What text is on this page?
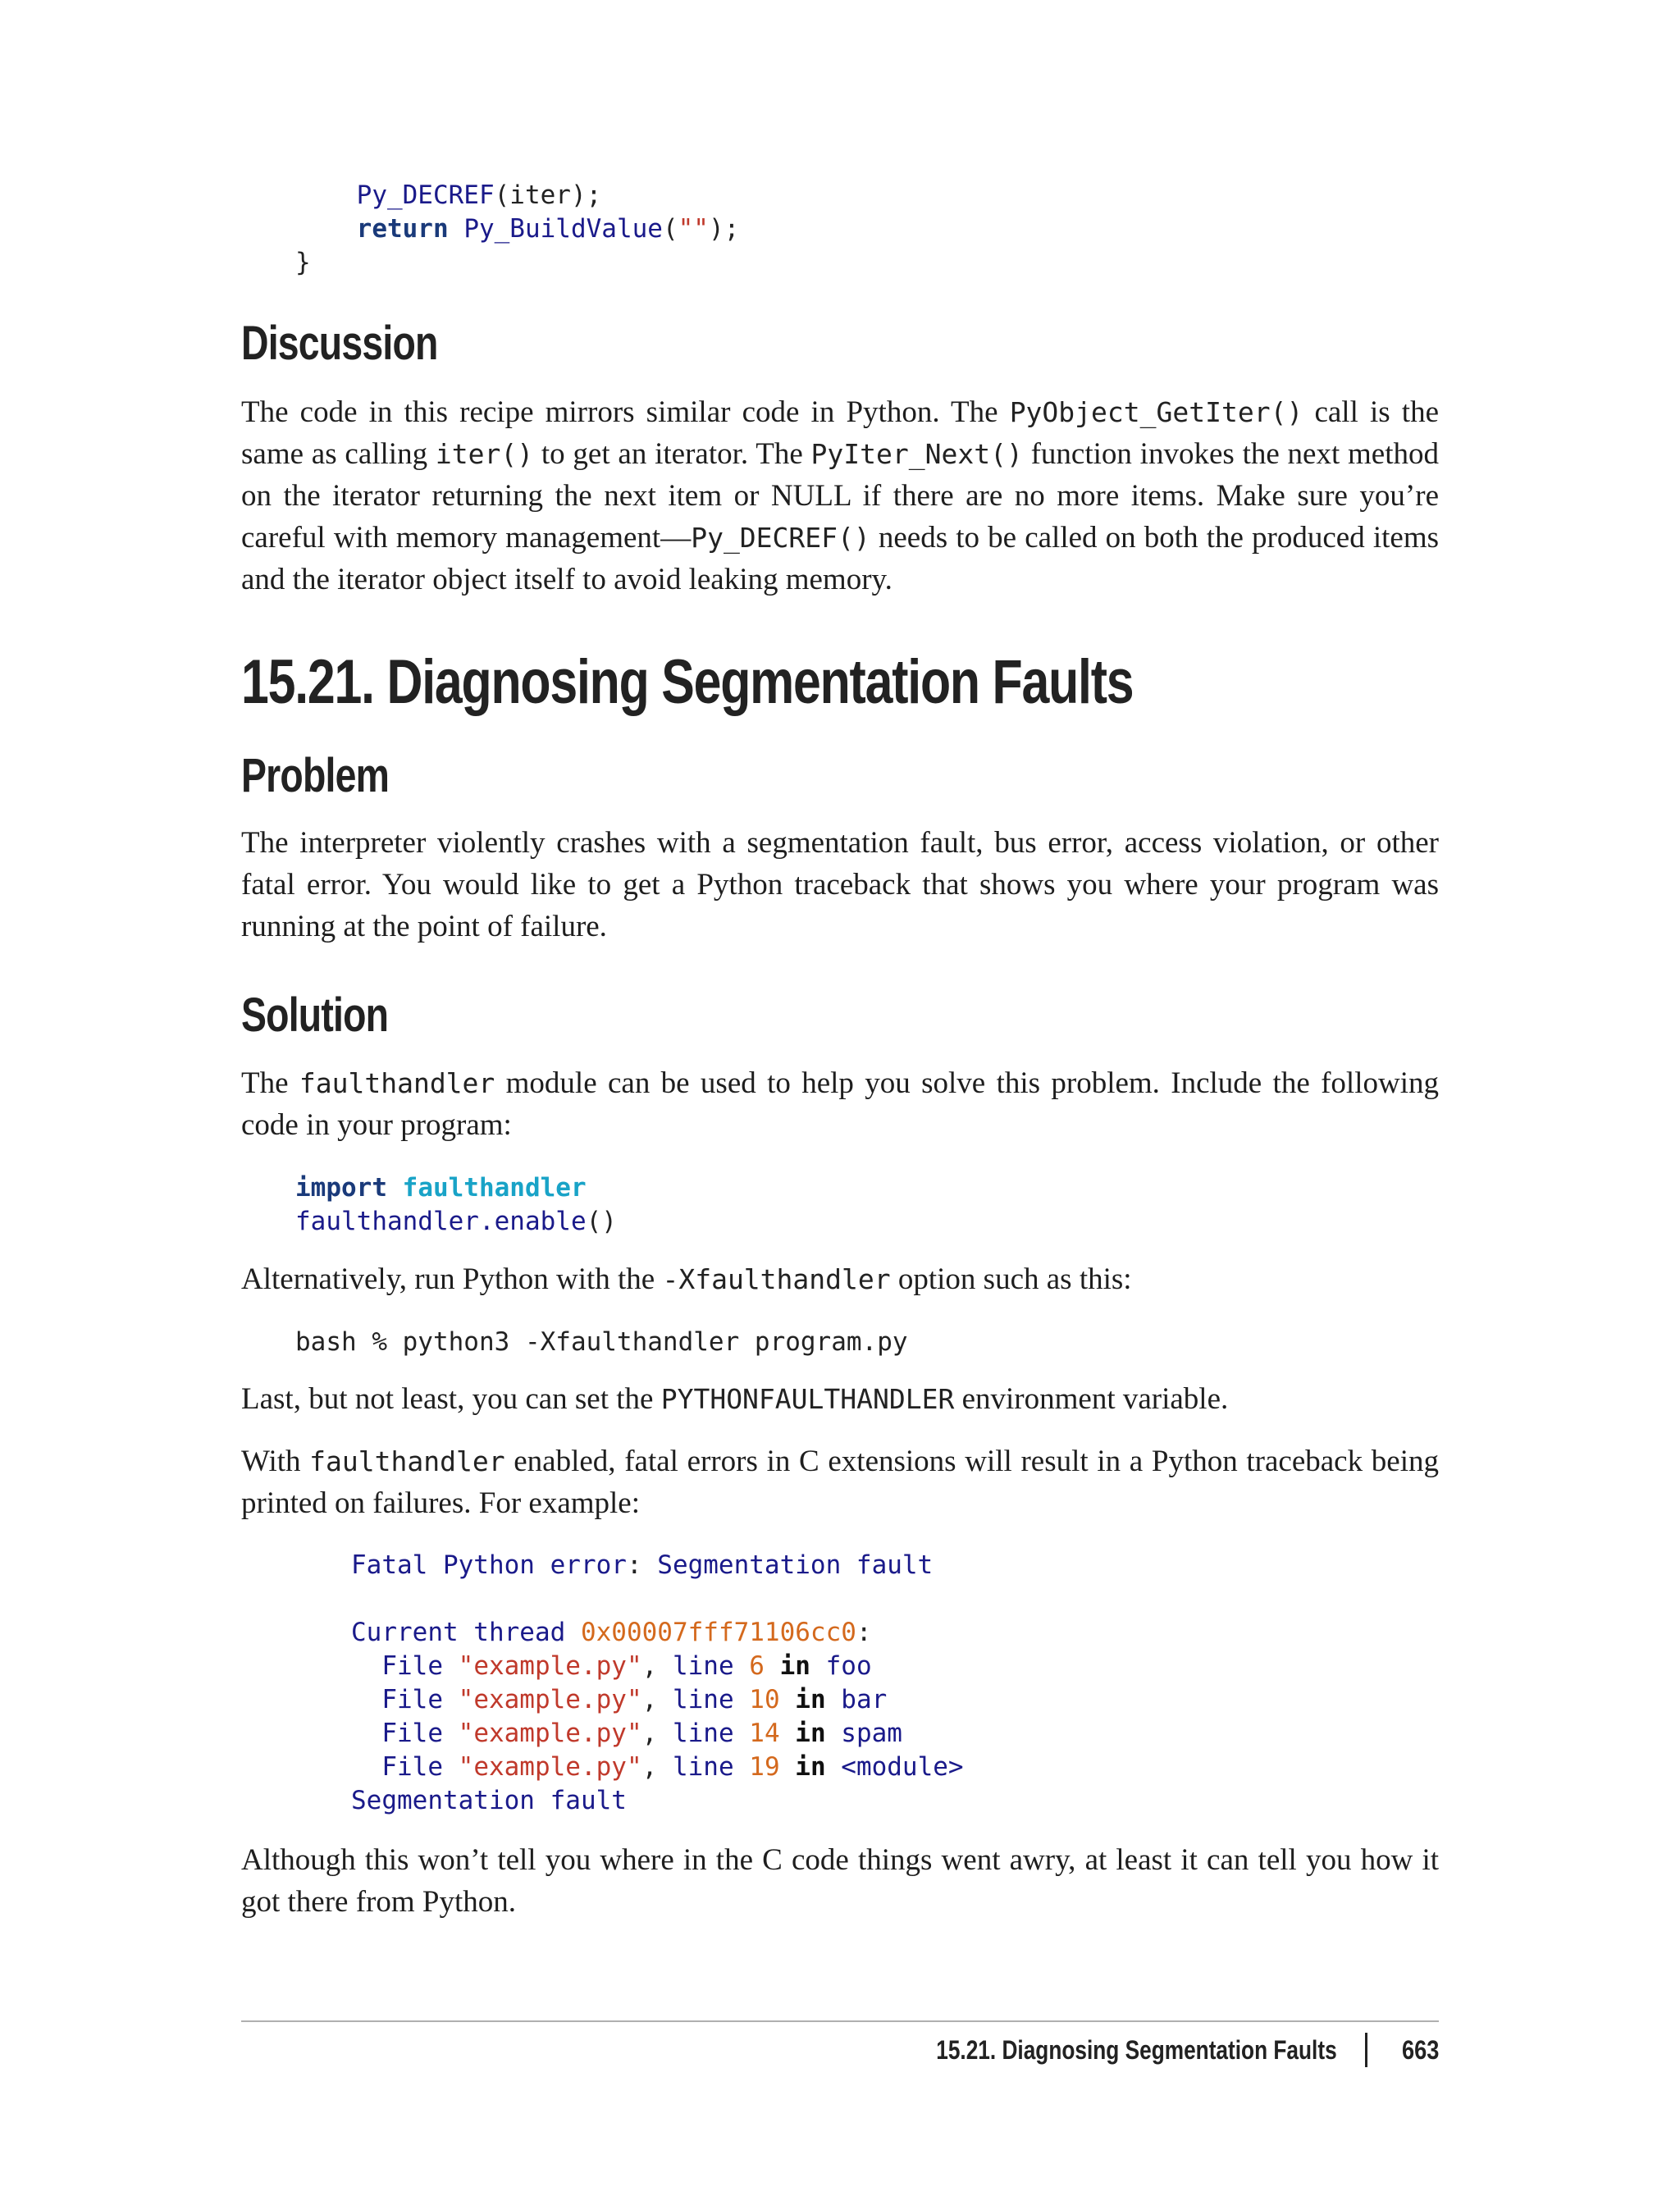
Py_DECREF(iter);
return Py_BuildValue("");
}
Discussion

The code in this recipe mirrors similar code in Python. The PyObject_GetIter() call is the same as calling iter() to get an iterator. The PyIter_Next() function invokes the next method on the iterator returning the next item or NULL if there are no more items. Make sure you’re careful with memory management—Py_DECREF() needs to be called on both the produced items and the iterator object itself to avoid leaking memory.

15.21. Diagnosing Segmentation Faults
Problem

The interpreter violently crashes with a segmentation fault, bus error, access violation, or other fatal error. You would like to get a Python traceback that shows you where your program was running at the point of failure.

Solution

The faulthandler module can be used to help you solve this problem. Include the following code in your program:

import faulthandler
faulthandler.enable()

Alternatively, run Python with the -Xfaulthandler option such as this:

bash % python3 -Xfaulthandler program.py

Last, but not least, you can set the PYTHONFAULTHANDLER environment variable.

With faulthandler enabled, fatal errors in C extensions will result in a Python traceback being printed on failures. For example:

Fatal Python error: Segmentation fault

Current thread 0x00007fff71106cc0:
File "example.py", line 6 in foo
File "example.py", line 10 in bar
File "example.py", line 14 in spam
File "example.py", line 19 in <module>
Segmentation fault

Although this won’t tell you where in the C code things went awry, at least it can tell you how it got there from Python.

15.21. Diagnosing Segmentation Faults 663
